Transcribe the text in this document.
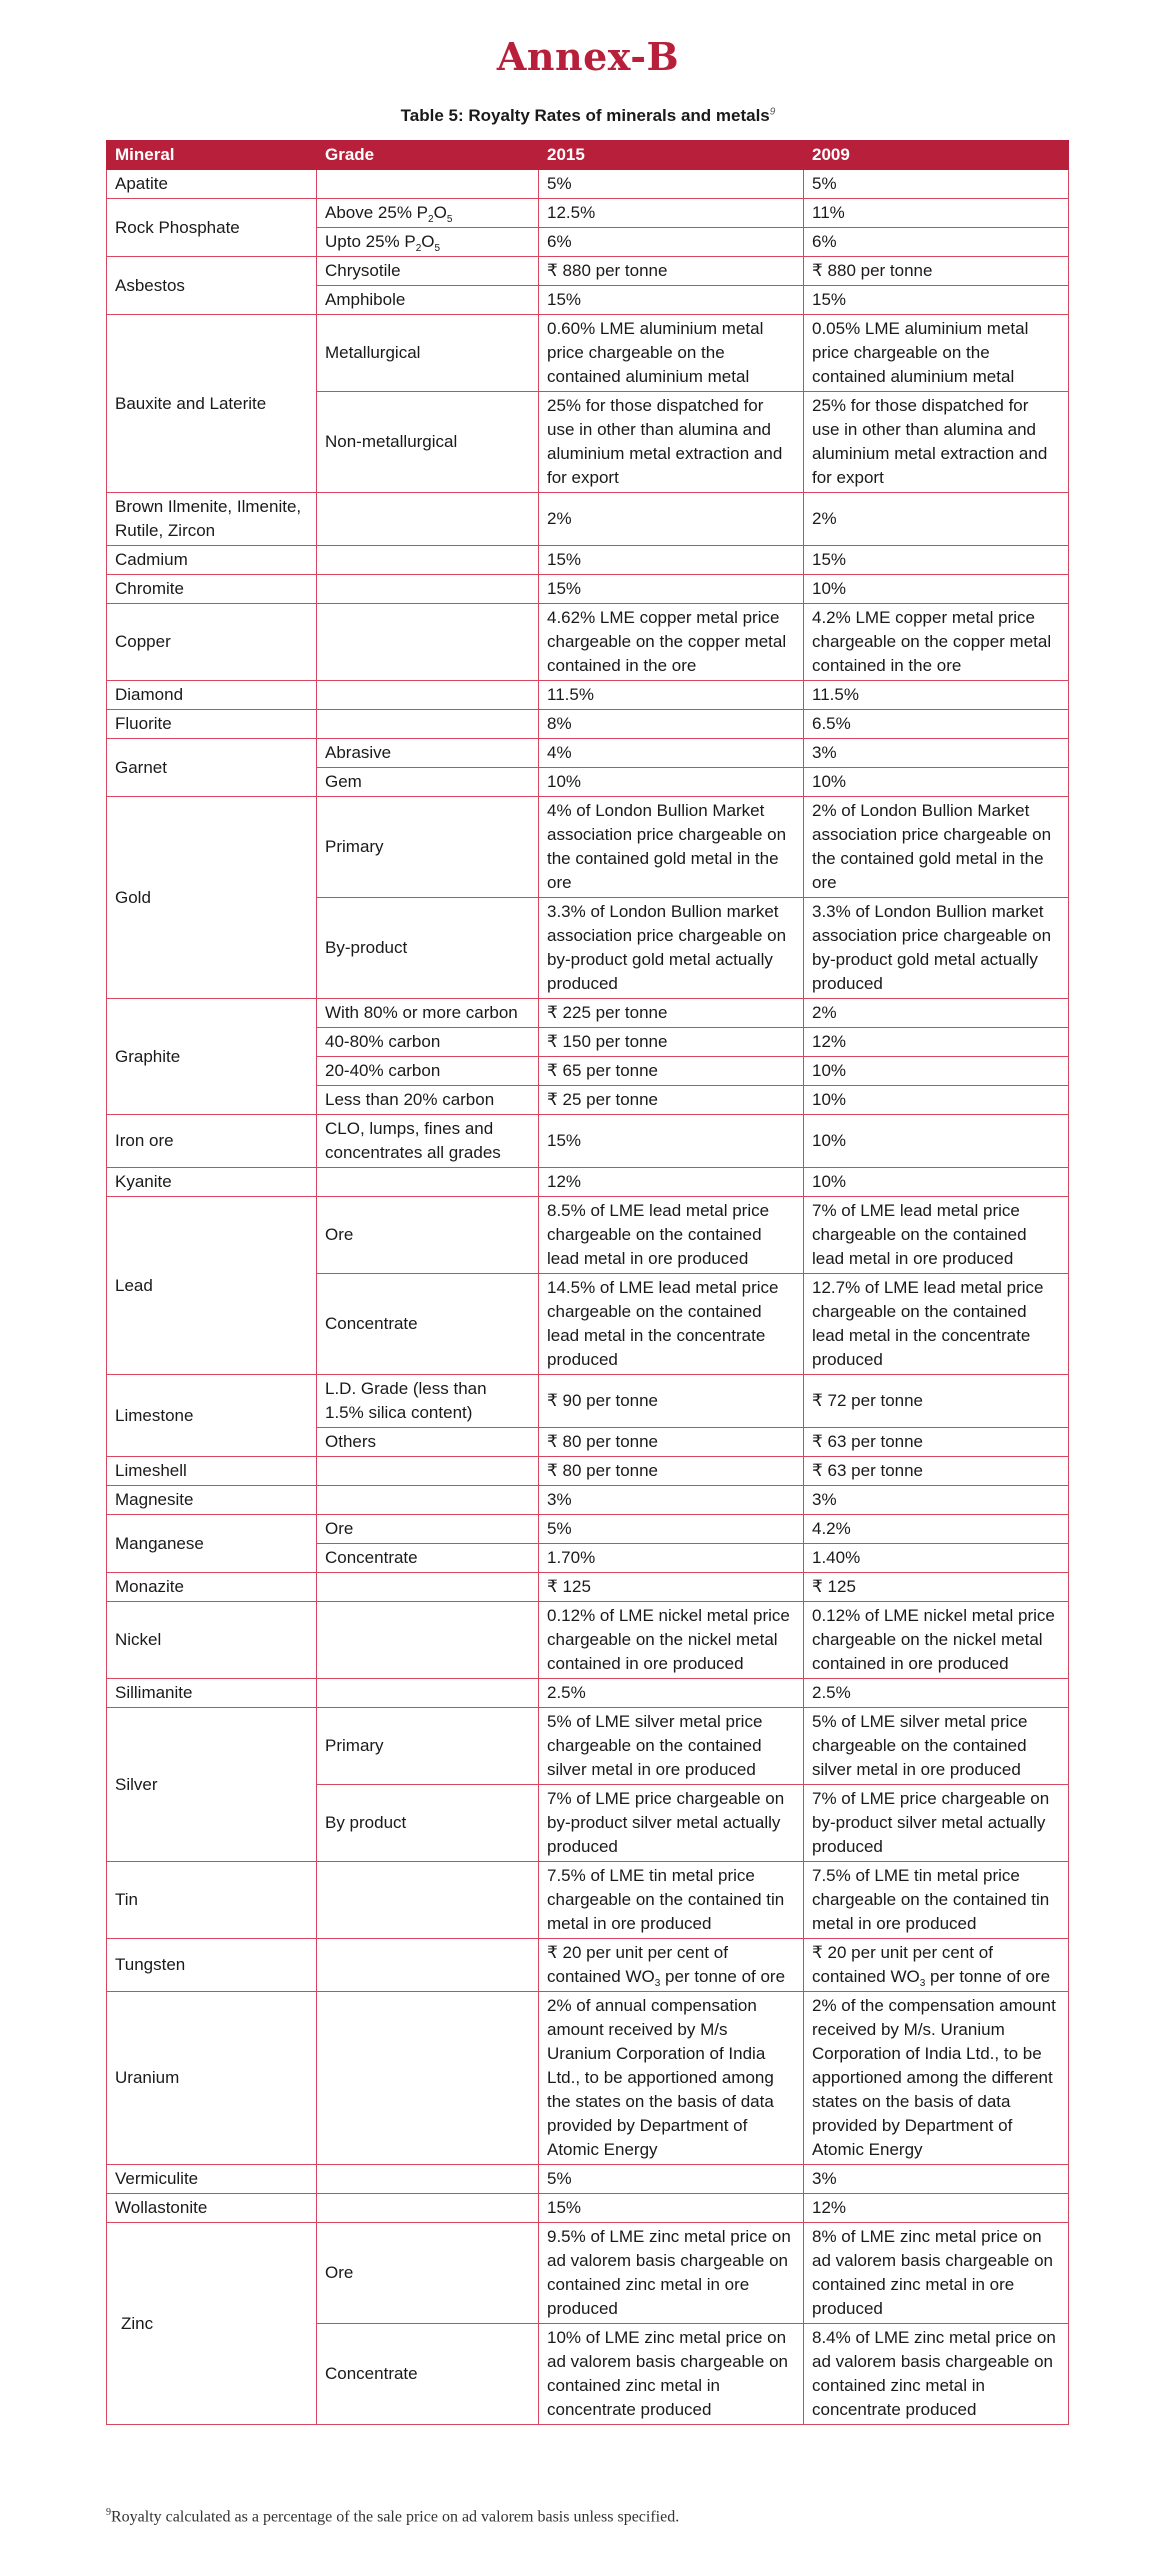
Annex-B
Table 5: Royalty Rates of minerals and metals$^9$
Mineral	Grade	2015	2009
Apatite		5%	5%
Rock Phosphate	Above 25% $P_2O_5$	12.5%	11%
	Upto 25% $P_2O_5$	6%	6%
Asbestos	Chrysotile	₹ 880 per tonne	₹ 880 per tonne
	Amphibole	15%	15%
Bauxite and Laterite	Metallurgical	0.60% LME aluminium metal price chargeable on the contained aluminium metal	0.05% LME aluminium metal price chargeable on the contained aluminium metal
	Non-metallurgical	25% for those dispatched for use in other than alumina and aluminium metal extraction and for export	25% for those dispatched for use in other than alumina and aluminium metal extraction and for export
Brown Ilmenite, Ilmenite, Rutile, Zircon		2%	2%
Cadmium		15%	15%
Chromite		15%	10%
Copper		4.62% LME copper metal price chargeable on the copper metal contained in the ore	4.2% LME copper metal price chargeable on the copper metal contained in the ore
Diamond		11.5%	11.5%
Fluorite		8%	6.5%
Garnet	Abrasive	4%	3%
	Gem	10%	10%
Gold	Primary	4% of London Bullion Market association price chargeable on the contained gold metal in the ore	2% of London Bullion Market association price chargeable on the contained gold metal in the ore
	By-product	3.3% of London Bullion market association price chargeable on by-product gold metal actually produced	3.3% of London Bullion market association price chargeable on by-product gold metal actually produced
Graphite	With 80% or more carbon	₹ 225 per tonne	2%
	40-80% carbon	₹ 150 per tonne	12%
	20-40% carbon	₹ 65 per tonne	10%
	Less than 20% carbon	₹ 25 per tonne	10%
Iron ore	CLO, lumps, fines and concentrates all grades	15%	10%
Kyanite		12%	10%
Lead	Ore	8.5% of LME lead metal price chargeable on the contained lead metal in ore produced	7% of LME lead metal price chargeable on the contained lead metal in ore produced
	Concentrate	14.5% of LME lead metal price chargeable on the contained lead metal in the concentrate produced	12.7% of LME lead metal price chargeable on the contained lead metal in the concentrate produced
Limestone	L.D. Grade (less than 1.5% silica content)	₹ 90 per tonne	₹ 72 per tonne
	Others	₹ 80 per tonne	₹ 63 per tonne
Limeshell		₹ 80 per tonne	₹ 63 per tonne
Magnesite		3%	3%
Manganese	Ore	5%	4.2%
	Concentrate	1.70%	1.40%
Monazite		₹ 125	₹ 125
Nickel		0.12% of LME nickel metal price chargeable on the nickel metal contained in ore produced	0.12% of LME nickel metal price chargeable on the nickel metal contained in ore produced
Sillimanite		2.5%	2.5%
Silver	Primary	5% of LME silver metal price chargeable on the contained silver metal in ore produced	5% of LME silver metal price chargeable on the contained silver metal in ore produced
	By product	7% of LME price chargeable on by-product silver metal actually produced	7% of LME price chargeable on by-product silver metal actually produced
Tin		7.5% of LME tin metal price chargeable on the contained tin metal in ore produced	7.5% of LME tin metal price chargeable on the contained tin metal in ore produced
Tungsten		₹ 20 per unit per cent of contained $WO_3$ per tonne of ore	₹ 20 per unit per cent of contained $WO_3$ per tonne of ore
Uranium		2% of annual compensation amount received by M/s Uranium Corporation of India Ltd., to be apportioned among the states on the basis of data provided by Department of Atomic Energy	2% of the compensation amount received by M/s. Uranium Corporation of India Ltd., to be apportioned among the different states on the basis of data provided by Department of Atomic Energy
Vermiculite		5%	3%
Wollastonite		15%	12%
Zinc	Ore	9.5% of LME zinc metal price on ad valorem basis chargeable on contained zinc metal in ore produced	8% of LME zinc metal price on ad valorem basis chargeable on contained zinc metal in ore produced
	Concentrate	10% of LME zinc metal price on ad valorem basis chargeable on contained zinc metal in concentrate produced	8.4% of LME zinc metal price on ad valorem basis chargeable on contained zinc metal in concentrate produced
$^9$Royalty calculated as a percentage of the sale price on ad valorem basis unless specified.
